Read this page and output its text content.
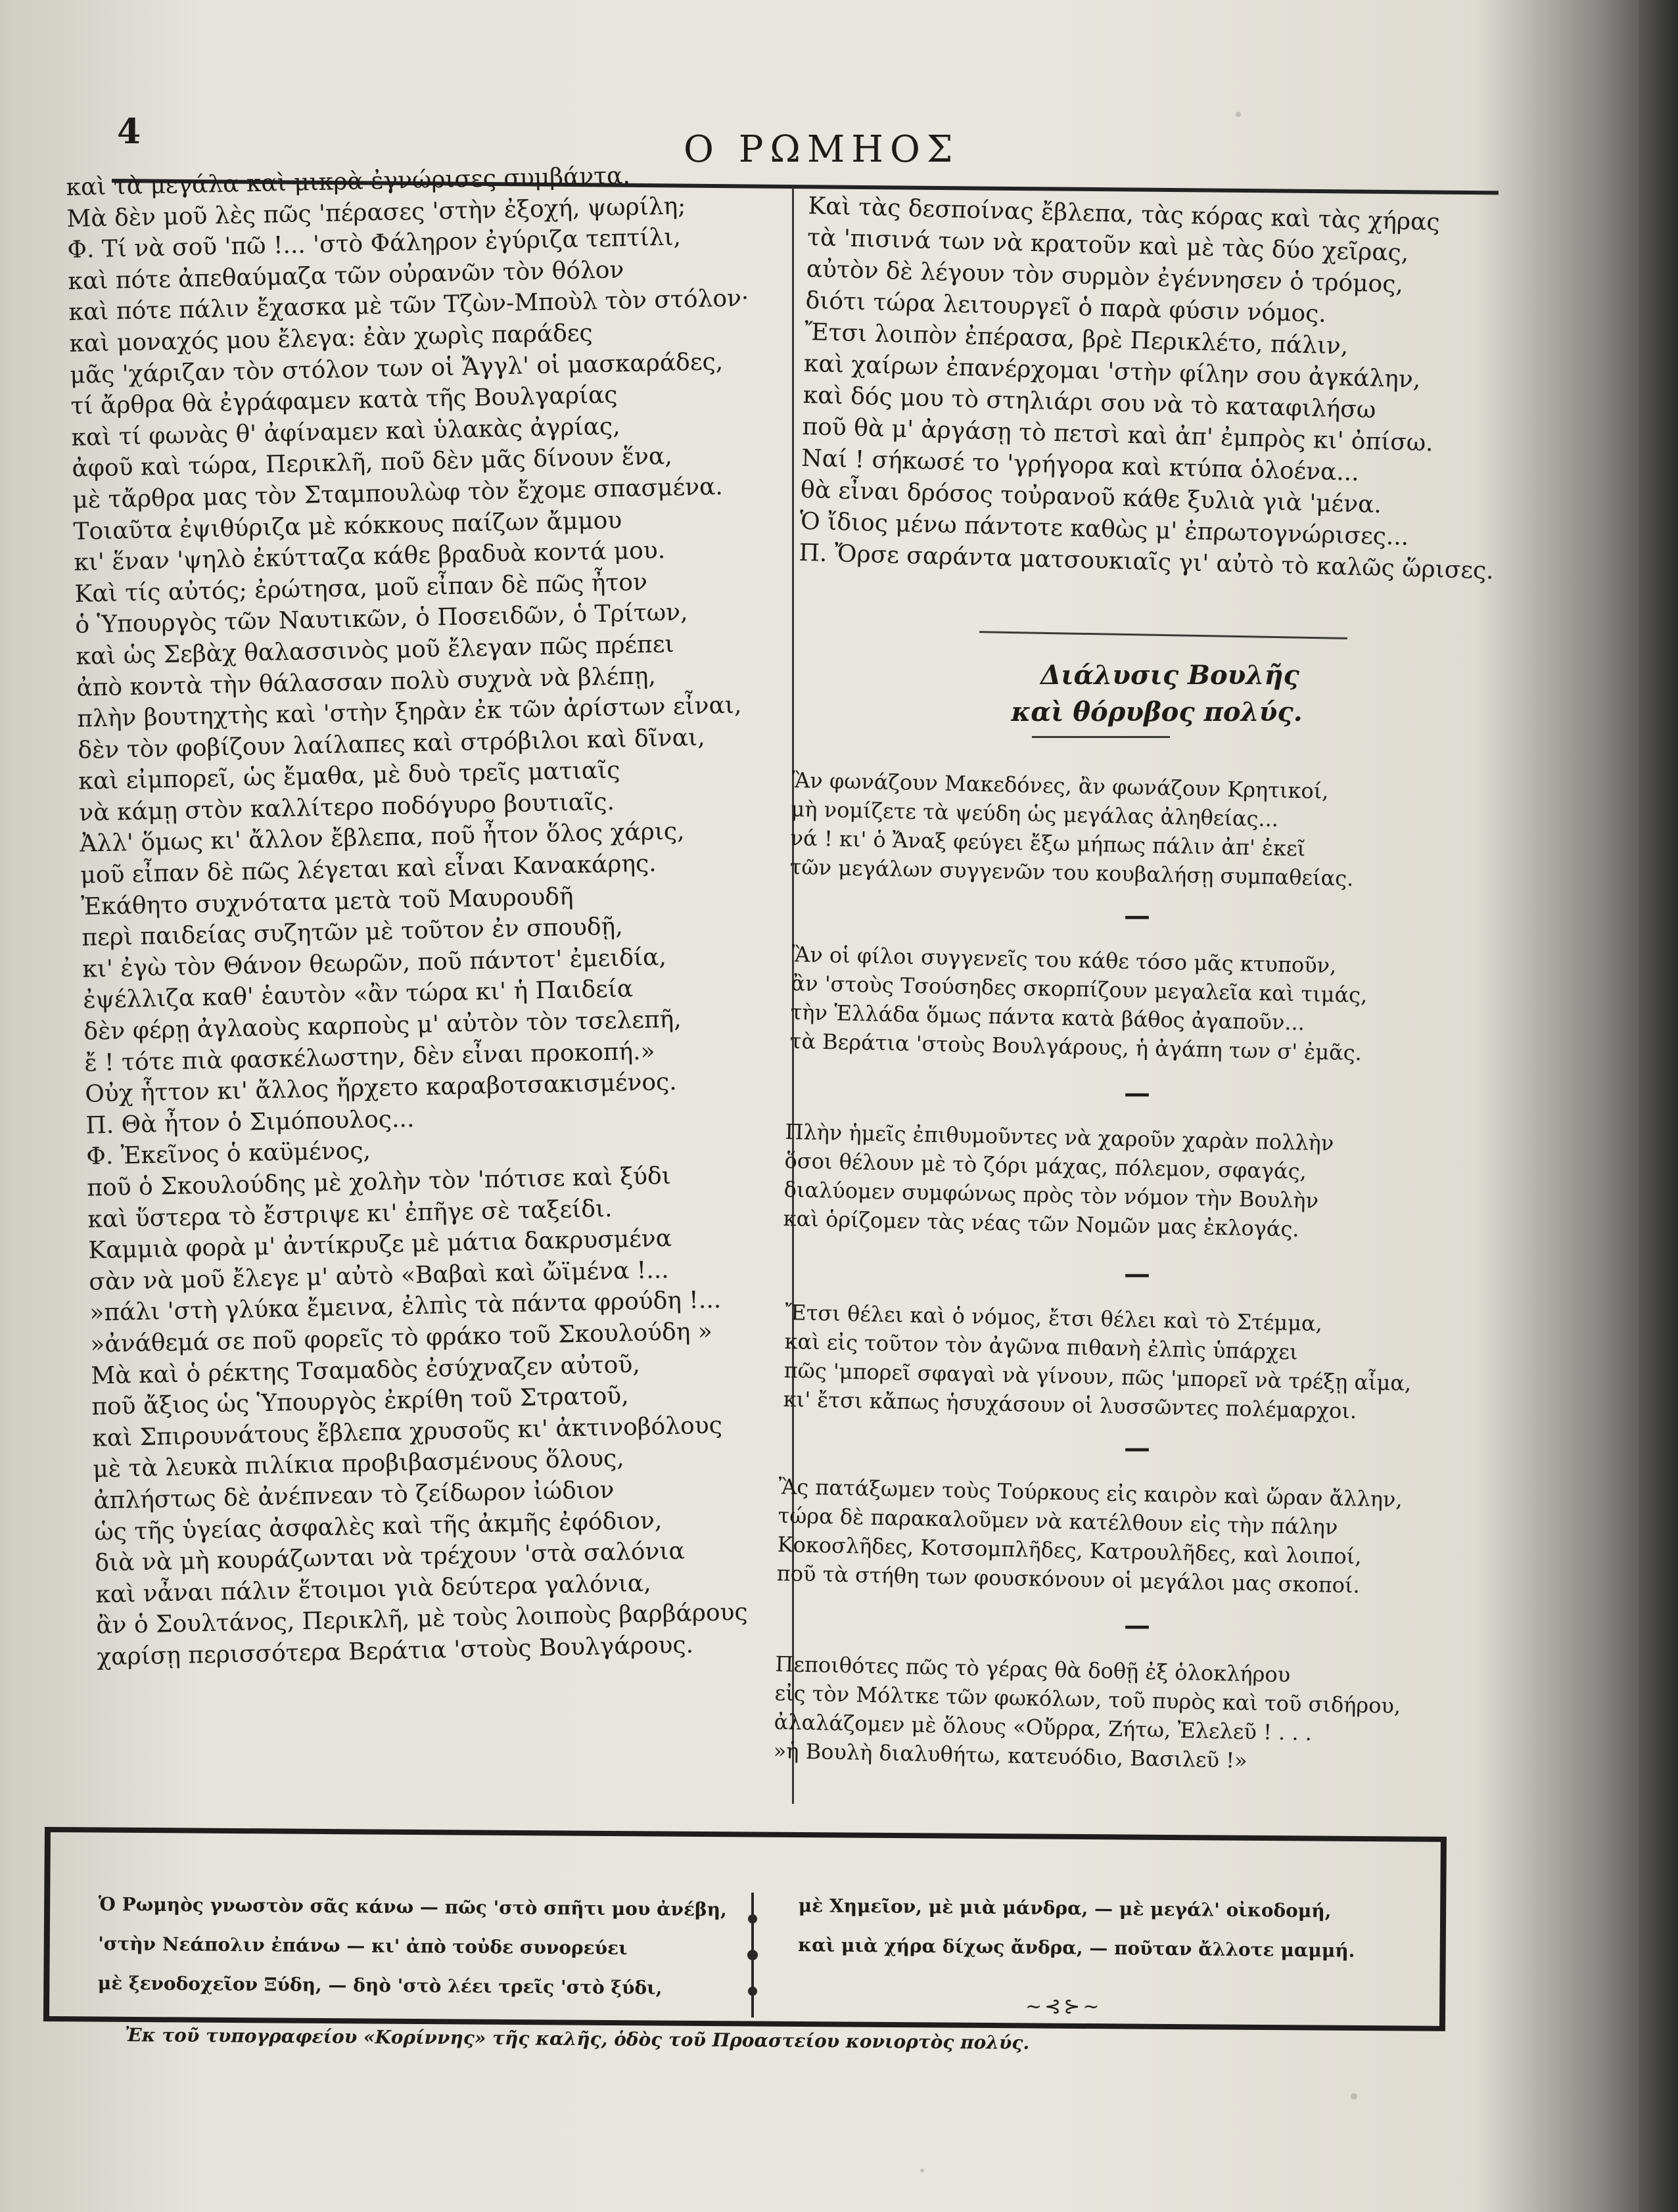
4	Ο ΡΩΜΗΟΣ
καὶ τὰ μεγάλα καὶ μικρὰ ἐγνώρισες συμβάντα.
Μὰ δὲν μοῦ λὲς πῶς 'πέρασες 'στὴν ἐξοχή, ψωρίλη;
Φ. Τί νὰ σοῦ 'πῶ !... 'στὸ Φάληρον ἐγύριζα τεπτίλι,
καὶ πότε ἀπεθαύμαζα τῶν οὐρανῶν τὸν θόλον
καὶ πότε πάλιν ἔχασκα μὲ τῶν Τζὼν-Μποὺλ τὸν στόλον·
καὶ μοναχός μου ἔλεγα: ἐὰν χωρὶς παράδες
μᾶς 'χάριζαν τὸν στόλον των οἱ Ἄγγλ' οἱ μασκαράδες,
τί ἄρθρα θὰ ἐγράφαμεν κατὰ τῆς Βουλγαρίας
καὶ τί φωνὰς θ' ἀφίναμεν καὶ ὑλακὰς ἀγρίας,
ἀφοῦ καὶ τώρα, Περικλῆ, ποῦ δὲν μᾶς δίνουν ἕνα,
μὲ τἄρθρα μας τὸν Σταμπουλὼφ τὸν ἔχομε σπασμένα.
Τοιαῦτα ἐψιθύριζα μὲ κόκκους παίζων ἄμμου
κι' ἕναν 'ψηλὸ ἐκύτταζα κάθε βραδυὰ κοντά μου.
Καὶ τίς αὐτός; ἐρώτησα, μοῦ εἶπαν δὲ πῶς ἦτον
ὁ Ὑπουργὸς τῶν Ναυτικῶν, ὁ Ποσειδῶν, ὁ Τρίτων,
καὶ ὡς Σεβὰχ θαλασσινὸς μοῦ ἔλεγαν πῶς πρέπει
ἀπὸ κοντὰ τὴν θάλασσαν πολὺ συχνὰ νὰ βλέπῃ,
πλὴν βουτηχτὴς καὶ 'στὴν ξηρὰν ἐκ τῶν ἀρίστων εἶναι,
δὲν τὸν φοβίζουν λαίλαπες καὶ στρόβιλοι καὶ δῖναι,
καὶ εἰμπορεῖ, ὡς ἔμαθα, μὲ δυὸ τρεῖς ματιαῖς
νὰ κάμῃ στὸν καλλίτερο ποδόγυρο βουτιαῖς.
Ἀλλ' ὅμως κι' ἄλλον ἔβλεπα, ποῦ ἦτον ὅλος χάρις,
μοῦ εἶπαν δὲ πῶς λέγεται καὶ εἶναι Κανακάρης.
Ἐκάθητο συχνότατα μετὰ τοῦ Μαυρουδῆ
περὶ παιδείας συζητῶν μὲ τοῦτον ἐν σπουδῇ,
κι' ἐγὼ τὸν Θάνον θεωρῶν, ποῦ πάντοτ' ἐμειδία,
ἐψέλλιζα καθ' ἑαυτὸν «ἂν τώρα κι' ἡ Παιδεία
δὲν φέρῃ ἀγλαοὺς καρποὺς μ' αὐτὸν τὸν τσελεπῆ,
ἔ ! τότε πιὰ φασκέλωστην, δὲν εἶναι προκοπή.»
Οὐχ ἧττον κι' ἄλλος ἤρχετο καραβοτσακισμένος.
Π. Θὰ ἦτον ὁ Σιμόπουλος...
Φ. Ἐκεῖνος ὁ καϋμένος,
ποῦ ὁ Σκουλούδης μὲ χολὴν τὸν 'πότισε καὶ ξύδι
καὶ ὕστερα τὸ ἔστριψε κι' ἐπῆγε σὲ ταξείδι.
Καμμιὰ φορὰ μ' ἀντίκρυζε μὲ μάτια δακρυσμένα
σὰν νὰ μοῦ ἔλεγε μ' αὐτὸ «Βαβαὶ καὶ ὤϊμένα !...
»πάλι 'στὴ γλύκα ἔμεινα, ἐλπὶς τὰ πάντα φρούδη !...
»ἀνάθεμά σε ποῦ φορεῖς τὸ φράκο τοῦ Σκουλούδη »
Μὰ καὶ ὁ ρέκτης Τσαμαδὸς ἐσύχναζεν αὐτοῦ,
ποῦ ἄξιος ὡς Ὑπουργὸς ἐκρίθη τοῦ Στρατοῦ,
καὶ Σπιρουνάτους ἔβλεπα χρυσοῦς κι' ἀκτινοβόλους
μὲ τὰ λευκὰ πιλίκια προβιβασμένους ὅλους,
ἀπλήστως δὲ ἀνέπνεαν τὸ ζείδωρον ἰώδιον
ὡς τῆς ὑγείας ἀσφαλὲς καὶ τῆς ἀκμῆς ἐφόδιον,
διὰ νὰ μὴ κουράζωνται νὰ τρέχουν 'στὰ σαλόνια
καὶ νἆναι πάλιν ἕτοιμοι γιὰ δεύτερα γαλόνια,
ἂν ὁ Σουλτάνος, Περικλῆ, μὲ τοὺς λοιποὺς βαρβάρους
χαρίσῃ περισσότερα Βεράτια 'στοὺς Βουλγάρους.
Καὶ τὰς δεσποίνας ἔβλεπα, τὰς κόρας καὶ τὰς χήρας
τὰ 'πισινά των νὰ κρατοῦν καὶ μὲ τὰς δύο χεῖρας,
αὐτὸν δὲ λέγουν τὸν συρμὸν ἐγέννησεν ὁ τρόμος,
διότι τώρα λειτουργεῖ ὁ παρὰ φύσιν νόμος.
Ἔτσι λοιπὸν ἐπέρασα, βρὲ Περικλέτο, πάλιν,
καὶ χαίρων ἐπανέρχομαι 'στὴν φίλην σου ἀγκάλην,
καὶ δός μου τὸ στηλιάρι σου νὰ τὸ καταφιλήσω
ποῦ θὰ μ' ἀργάσῃ τὸ πετσὶ καὶ ἀπ' ἐμπρὸς κι' ὀπίσω.
Ναί ! σήκωσέ το 'γρήγορα καὶ κτύπα ὁλοένα...
θὰ εἶναι δρόσος τοὐρανοῦ κάθε ξυλιὰ γιὰ 'μένα.
Ὁ ἴδιος μένω πάντοτε καθὼς μ' ἐπρωτογνώρισες...
Π. Ὄρσε σαράντα ματσουκιαῖς γι' αὐτὸ τὸ καλῶς ὥρισες.
Διάλυσις Βουλῆς
καὶ θόρυβος πολύς.
Ἂν φωνάζουν Μακεδόνες, ἂν φωνάζουν Κρητικοί,
μὴ νομίζετε τὰ ψεύδη ὡς μεγάλας ἀληθείας...
νά ! κι' ὁ Ἄναξ φεύγει ἔξω μήπως πάλιν ἀπ' ἐκεῖ
τῶν μεγάλων συγγενῶν του κουβαλήσῃ συμπαθείας.
—
Ἂν οἱ φίλοι συγγενεῖς του κάθε τόσο μᾶς κτυποῦν,
ἂν 'στοὺς Τσούσηδες σκορπίζουν μεγαλεῖα καὶ τιμάς,
τὴν Ἑλλάδα ὅμως πάντα κατὰ βάθος ἀγαποῦν...
τὰ Βεράτια 'στοὺς Βουλγάρους, ἡ ἀγάπη των σ' ἐμᾶς.
—
Πλὴν ἡμεῖς ἐπιθυμοῦντες νὰ χαροῦν χαρὰν πολλὴν
ὅσοι θέλουν μὲ τὸ ζόρι μάχας, πόλεμον, σφαγάς,
διαλύομεν συμφώνως πρὸς τὸν νόμον τὴν Βουλὴν
καὶ ὁρίζομεν τὰς νέας τῶν Νομῶν μας ἐκλογάς.
—
Ἔτσι θέλει καὶ ὁ νόμος, ἔτσι θέλει καὶ τὸ Στέμμα,
καὶ εἰς τοῦτον τὸν ἀγῶνα πιθανὴ ἐλπὶς ὑπάρχει
πῶς 'μπορεῖ σφαγαὶ νὰ γίνουν, πῶς 'μπορεῖ νὰ τρέξῃ αἷμα,
κι' ἔτσι κἄπως ἡσυχάσουν οἱ λυσσῶντες πολέμαρχοι.
—
Ἂς πατάξωμεν τοὺς Τούρκους εἰς καιρὸν καὶ ὥραν ἄλλην,
τώρα δὲ παρακαλοῦμεν νὰ κατέλθουν εἰς τὴν πάλην
Κοκοσλῆδες, Κοτσομπλῆδες, Κατρουλῆδες, καὶ λοιποί,
ποῦ τὰ στήθη των φουσκόνουν οἱ μεγάλοι μας σκοποί.
—
Πεποιθότες πῶς τὸ γέρας θὰ δοθῇ ἐξ ὁλοκλήρου
εἰς τὸν Μόλτκε τῶν φωκόλων, τοῦ πυρὸς καὶ τοῦ σιδήρου,
ἀλαλάζομεν μὲ ὅλους «Οὔρρα, Ζήτω, Ἐλελεῦ ! . . .
»ἡ Βουλὴ διαλυθήτω, κατευόδιο, Βασιλεῦ !»
Ὁ Ρωμηὸς γνωστὸν σᾶς κάνω — πῶς 'στὸ σπῆτι μου ἀνέβη,
'στὴν Νεάπολιν ἐπάνω — κι' ἀπὸ τοὐδε συνορεύει
μὲ ξενοδοχεῖον Ξύδη, — δηὸ 'στὸ λέει τρεῖς 'στὸ ξύδι,
μὲ Χημεῖον, μὲ μιὰ μάνδρα, — μὲ μεγάλ' οἰκοδομή,
καὶ μιὰ χήρα δίχως ἄνδρα, — ποῦταν ἄλλοτε μαμμή.
~⊰⊱~
Ἐκ τοῦ τυπογραφείου «Κορίννης» τῆς καλῆς, ὁδὸς τοῦ Προαστείου κονιορτὸς πολύς.
